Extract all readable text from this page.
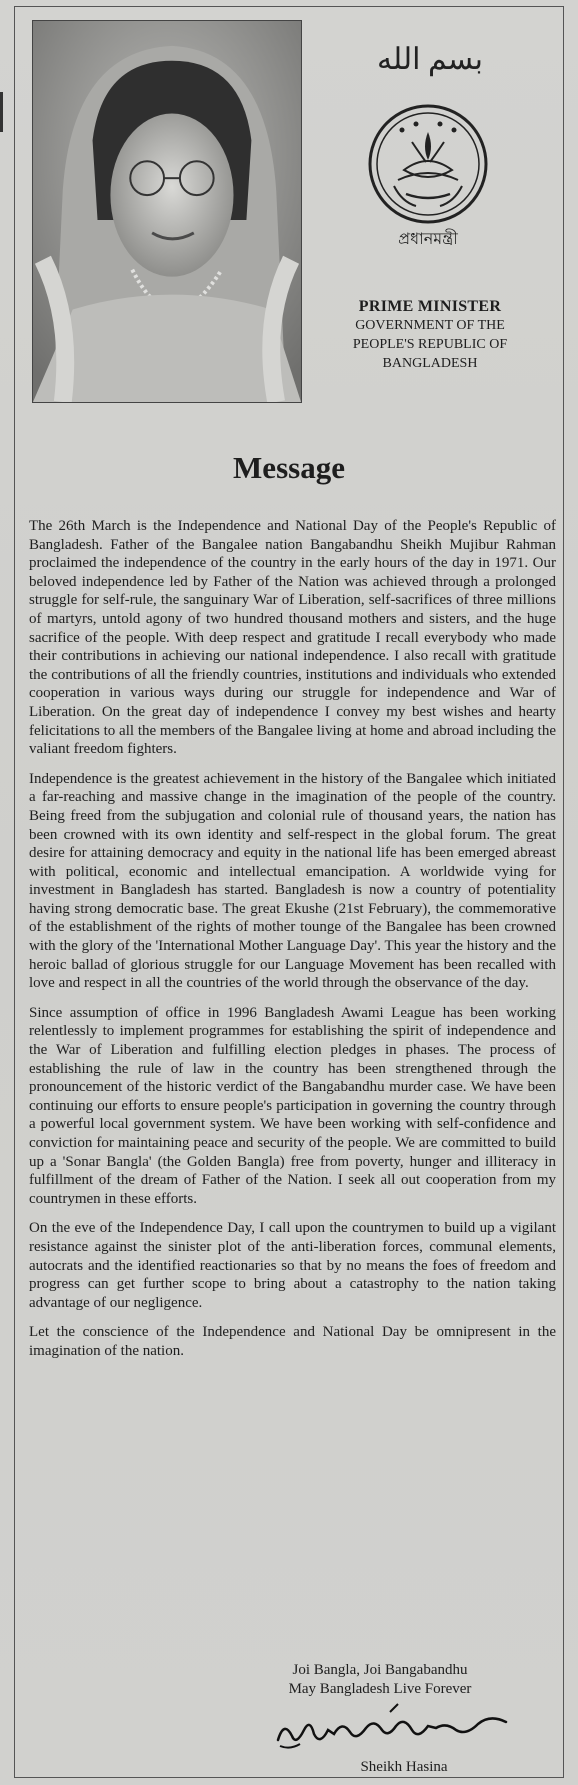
بسم الله
প্রধানমন্ত্রী
PRIME MINISTER
GOVERNMENT OF THE
PEOPLE'S REPUBLIC OF
BANGLADESH
Message

The 26th March is the Independence and National Day of the People's Republic of Bangladesh. Father of the Bangalee nation Bangabandhu Sheikh Mujibur Rahman proclaimed the independence of the country in the early hours of the day in 1971. Our beloved independence led by Father of the Nation was achieved through a prolonged struggle for self-rule, the sanguinary War of Liberation, self-sacrifices of three millions of martyrs, untold agony of two hundred thousand mothers and sisters, and the huge sacrifice of the people. With deep respect and gratitude I recall everybody who made their contributions in achieving our national independence. I also recall with gratitude the contributions of all the friendly countries, institutions and individuals who extended cooperation in various ways during our struggle for independence and War of Liberation. On the great day of independence I convey my best wishes and hearty felicitations to all the members of the Bangalee living at home and abroad including the valiant freedom fighters.

Independence is the greatest achievement in the history of the Bangalee which initiated a far-reaching and massive change in the imagination of the people of the country. Being freed from the subjugation and colonial rule of thousand years, the nation has been crowned with its own identity and self-respect in the global forum. The great desire for attaining democracy and equity in the national life has been emerged abreast with political, economic and intellectual emancipation. A worldwide vying for investment in Bangladesh has started. Bangladesh is now a country of potentiality having strong democratic base. The great Ekushe (21st February), the commemorative of the establishment of the rights of mother tounge of the Bangalee has been crowned with the glory of the 'International Mother Language Day'. This year the history and the heroic ballad of glorious struggle for our Language Movement has been recalled with love and respect in all the countries of the world through the observance of the day.

Since assumption of office in 1996 Bangladesh Awami League has been working relentlessly to implement programmes for establishing the spirit of independence and the War of Liberation and fulfilling election pledges in phases. The process of establishing the rule of law in the country has been strengthened through the pronouncement of the historic verdict of the Bangabandhu murder case. We have been continuing our efforts to ensure people's participation in governing the country through a powerful local government system. We have been working with self-confidence and conviction for maintaining peace and security of the people. We are committed to build up a 'Sonar Bangla' (the Golden Bangla) free from poverty, hunger and illiteracy in fulfillment of the dream of Father of the Nation. I seek all out cooperation from my countrymen in these efforts.

On the eve of the Independence Day, I call upon the countrymen to build up a vigilant resistance against the sinister plot of the anti-liberation forces, communal elements, autocrats and the identified reactionaries so that by no means the foes of freedom and progress can get further scope to bring about a catastrophy to the nation taking advantage of our negligence.

Let the conscience of the Independence and National Day be omnipresent in the imagination of the nation.

Joi Bangla, Joi Bangabandhu
May Bangladesh Live Forever
Sheikh Hasina
